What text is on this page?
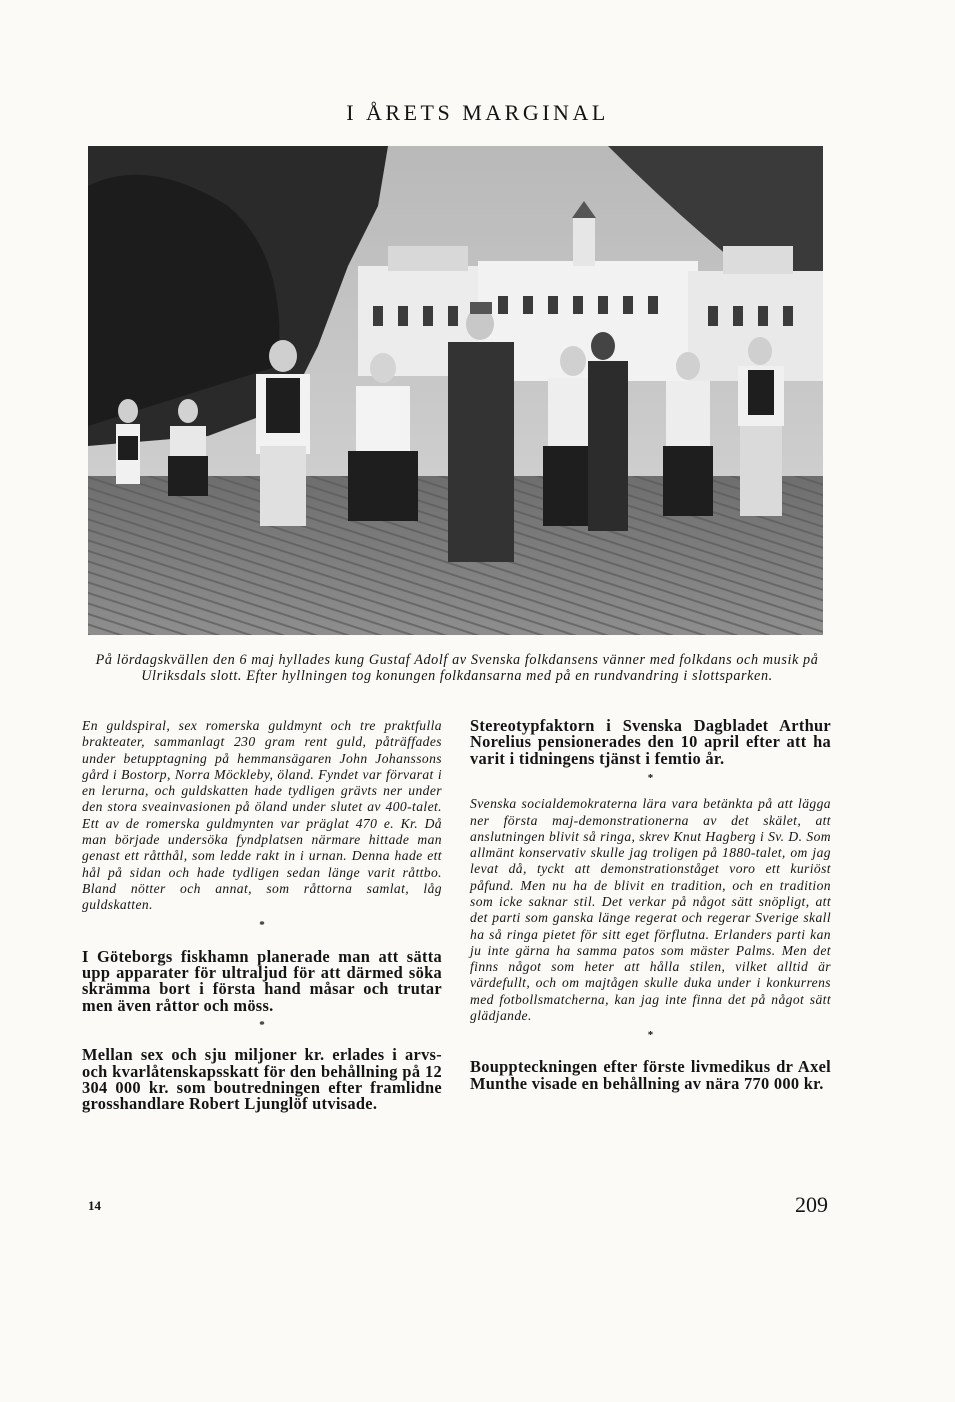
I ÅRETS MARGINAL
På lördagskvällen den 6 maj hyllades kung Gustaf Adolf av Svenska folkdansens vänner med folkdans och musik på Ulriksdals slott. Efter hyllningen tog konungen folkdansarna med på en rundvandring i slottsparken.

En guldspiral, sex romerska guldmynt och tre praktfulla brakteater, sammanlagt 230 gram rent guld, påträffades under betupptagning på hemmansägaren John Johanssons gård i Bostorp, Norra Möckleby, öland. Fyndet var förvarat i en lerurna, och guldskatten hade tydligen grävts ner under den stora sveainvasionen på öland under slutet av 400-talet. Ett av de romerska guldmynten var präglat 470 e. Kr. Då man började undersöka fyndplatsen närmare hittade man genast ett råtthål, som ledde rakt in i urnan. Denna hade ett hål på sidan och hade tydligen sedan länge varit råttbo. Bland nötter och annat, som råttorna samlat, låg guldskatten.

*

I Göteborgs fiskhamn planerade man att sätta upp apparater för ultraljud för att därmed söka skrämma bort i första hand måsar och trutar men även råttor och möss.

*

Mellan sex och sju miljoner kr. erlades i arvs- och kvarlåtenskapsskatt för den behållning på 12 304 000 kr. som boutredningen efter framlidne grosshandlare Robert Ljunglöf utvisade.

Stereotypfaktorn i Svenska Dagbladet Arthur Norelius pensionerades den 10 april efter att ha varit i tidningens tjänst i femtio år.

*

Svenska socialdemokraterna lära vara betänkta på att lägga ner första maj-demonstrationerna av det skälet, att anslutningen blivit så ringa, skrev Knut Hagberg i Sv. D. Som allmänt konservativ skulle jag troligen på 1880-talet, om jag levat då, tyckt att demonstrationståget voro ett kuriöst påfund. Men nu ha de blivit en tradition, och en tradition som icke saknar stil. Det verkar på något sätt snöpligt, att det parti som ganska länge regerat och regerar Sverige skall ha så ringa pietet för sitt eget förflutna. Erlanders parti kan ju inte gärna ha samma patos som mäster Palms. Men det finns något som heter att hålla stilen, vilket alltid är värdefullt, och om majtågen skulle duka under i konkurrens med fotbollsmatcherna, kan jag inte finna det på något sätt glädjande.

*

Bouppteckningen efter förste livmedikus dr Axel Munthe visade en behållning av nära 770 000 kr.

14	209
